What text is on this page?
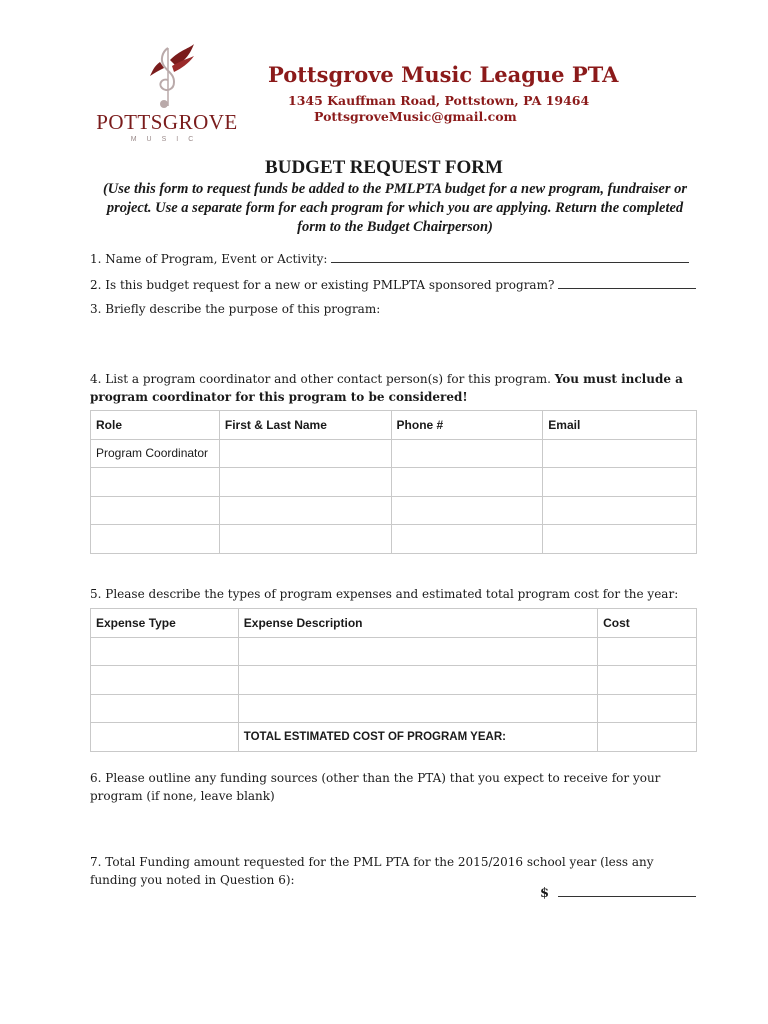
POTTSGROVE
MUSIC
Pottsgrove Music League PTA
1345 Kauffman Road, Pottstown, PA 19464
PottsgroveMusic@gmail.com
BUDGET REQUEST FORM
(Use this form to request funds be added to the PMLPTA budget for a new program, fundraiser or project. Use a separate form for each program for which you are applying. Return the completed form to the Budget Chairperson)
1. Name of Program, Event or Activity:
2. Is this budget request for a new or existing PMLPTA sponsored program?
3. Briefly describe the purpose of this program:
4. List a program coordinator and other contact person(s) for this program. You must include a program coordinator for this program to be considered!
Role	First & Last Name	Phone #	Email
Program Coordinator			

5. Please describe the types of program expenses and estimated total program cost for the year:
Expense Type	Expense Description	Cost

	TOTAL ESTIMATED COST OF PROGRAM YEAR:	
6. Please outline any funding sources (other than the PTA) that you expect to receive for your program (if none, leave blank)
7. Total Funding amount requested for the PML PTA for the 2015/2016 school year (less any funding you noted in Question 6):
$
